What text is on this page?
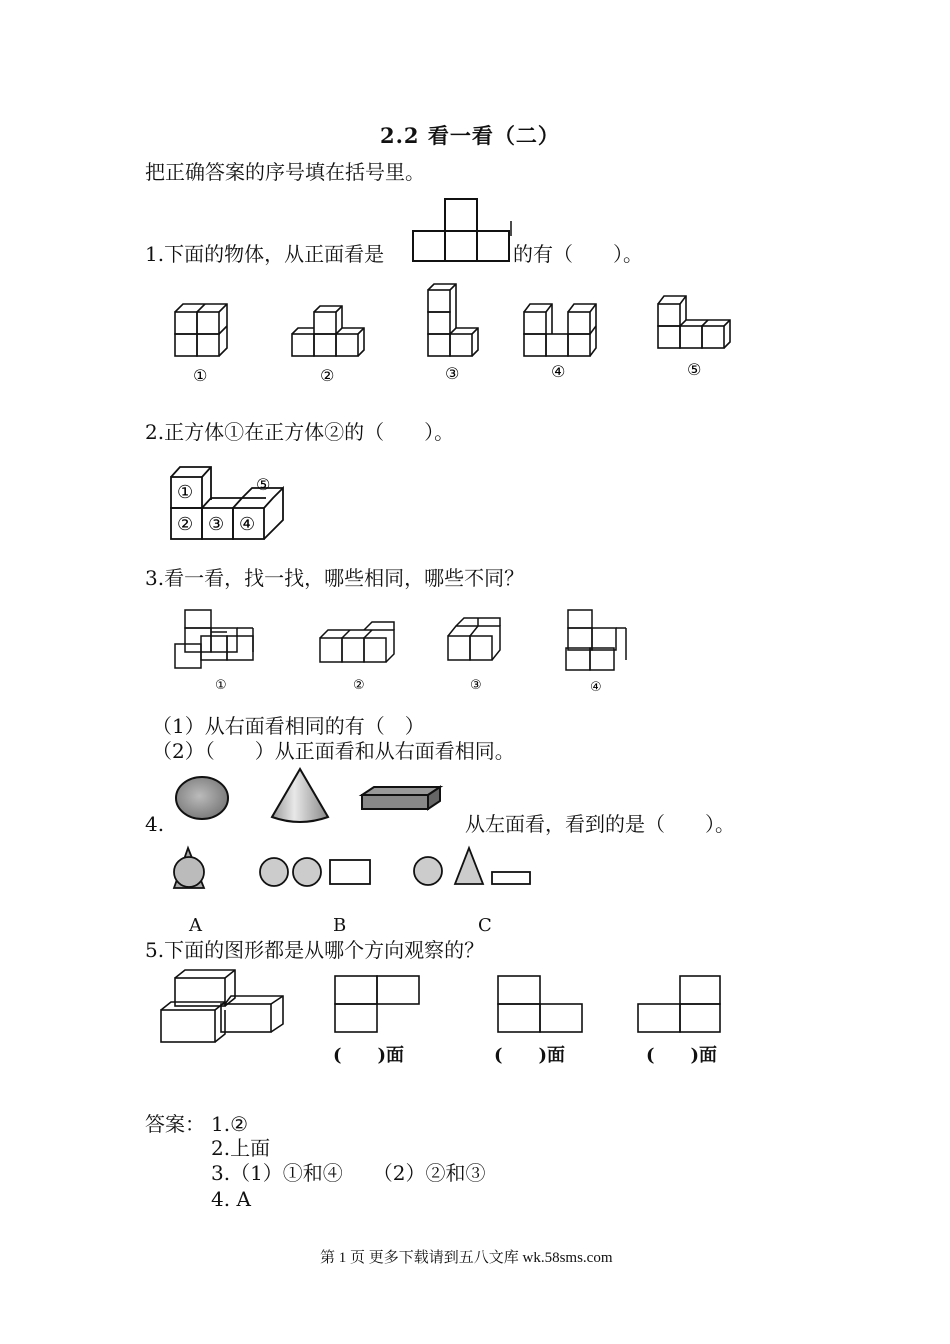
2.2 看一看（二）
把正确答案的序号填在括号里。
1.下面的物体，从正面看是	的有（　　）。
①	②	③	④	⑤
2.正方体①在正方体②的（　　）。
①
② ③ ④
⑤
3.看一看，找一找，哪些相同，哪些不同？
①	②	③	④
（1）从右面看相同的有（　）
（2）（　　）从正面看和从右面看相同。
4.	从左面看，看到的是（　　）。
A	B	C
5.下面的图形都是从哪个方向观察的？
(　　)面	(　　)面	(　　)面
答案： 1.②
2.上面
3.（1）①和④　　（2）②和③
4. A
第 1 页 更多下载请到五八文库 wk.58sms.com
